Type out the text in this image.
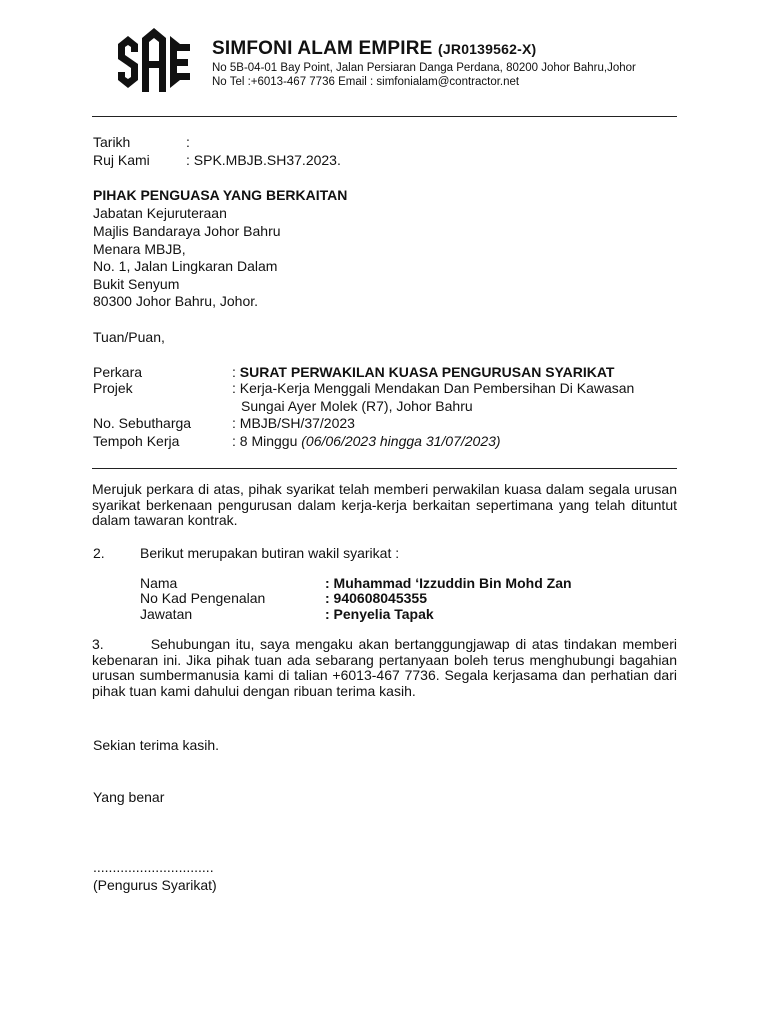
SIMFONI ALAM EMPIRE (JR0139562-X)
No 5B-04-01 Bay Point, Jalan Persiaran Danga Perdana, 80200 Johor Bahru,Johor
No Tel :+6013-467 7736 Email : simfonialam@contractor.net
Tarikh	:
Ruj Kami	: SPK.MBJB.SH37.2023.
PIHAK PENGUASA YANG BERKAITAN
Jabatan Kejuruteraan
Majlis Bandaraya Johor Bahru
Menara MBJB,
No. 1, Jalan Lingkaran Dalam
Bukit Senyum
80300 Johor Bahru, Johor.
Tuan/Puan,
Perkara	: SURAT PERWAKILAN KUASA PENGURUSAN SYARIKAT
Projek	: Kerja-Kerja Menggali Mendakan Dan Pembersihan Di Kawasan
Sungai Ayer Molek (R7), Johor Bahru
No. Sebutharga	: MBJB/SH/37/2023
Tempoh Kerja	: 8 Minggu (06/06/2023 hingga 31/07/2023)
Merujuk perkara di atas, pihak syarikat telah memberi perwakilan kuasa dalam segala urusan syarikat berkenaan pengurusan dalam kerja-kerja berkaitan sepertimana yang telah dituntut dalam tawaran kontrak.
2.	Berikut merupakan butiran wakil syarikat :
Nama	: Muhammad ‘Izzuddin Bin Mohd Zan
No Kad Pengenalan	: 940608045355
Jawatan	: Penyelia Tapak
3.	Sehubungan itu, saya mengaku akan bertanggungjawap di atas tindakan memberi kebenaran ini. Jika pihak tuan ada sebarang pertanyaan boleh terus menghubungi bagahian urusan sumbermanusia kami di talian +6013-467 7736. Segala kerjasama dan perhatian dari pihak tuan kami dahului dengan ribuan terima kasih.
Sekian terima kasih.
Yang benar
...............................
(Pengurus Syarikat)
